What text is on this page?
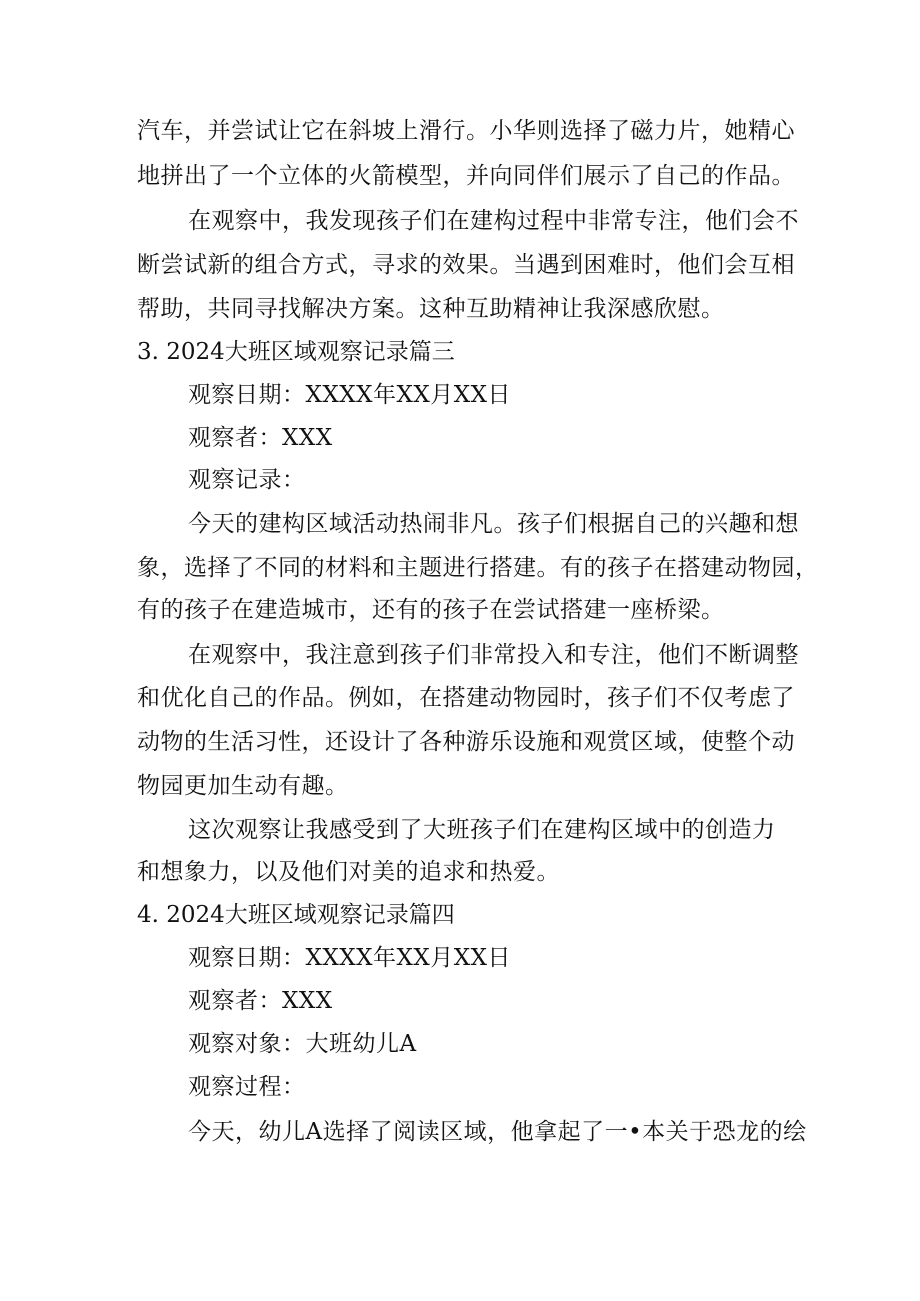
汽车，并尝试让它在斜坡上滑行。小华则选择了磁力片，她精心
地拼出了一个立体的火箭模型，并向同伴们展示了自己的作品。
在观察中，我发现孩子们在建构过程中非常专注，他们会不
断尝试新的组合方式，寻求的效果。当遇到困难时，他们会互相
帮助，共同寻找解决方案。这种互助精神让我深感欣慰。
3. 2024大班区域观察记录篇三
观察日期：XXXX年XX月XX日
观察者：XXX
观察记录：
今天的建构区域活动热闹非凡。孩子们根据自己的兴趣和想
象，选择了不同的材料和主题进行搭建。有的孩子在搭建动物园，
有的孩子在建造城市，还有的孩子在尝试搭建一座桥梁。
在观察中，我注意到孩子们非常投入和专注，他们不断调整
和优化自己的作品。例如，在搭建动物园时，孩子们不仅考虑了
动物的生活习性，还设计了各种游乐设施和观赏区域，使整个动
物园更加生动有趣。
这次观察让我感受到了大班孩子们在建构区域中的创造力
和想象力，以及他们对美的追求和热爱。
4. 2024大班区域观察记录篇四
观察日期：XXXX年XX月XX日
观察者：XXX
观察对象：大班幼儿A
观察过程：
今天，幼儿A选择了阅读区域，他拿起了一•本关于恐龙的绘
